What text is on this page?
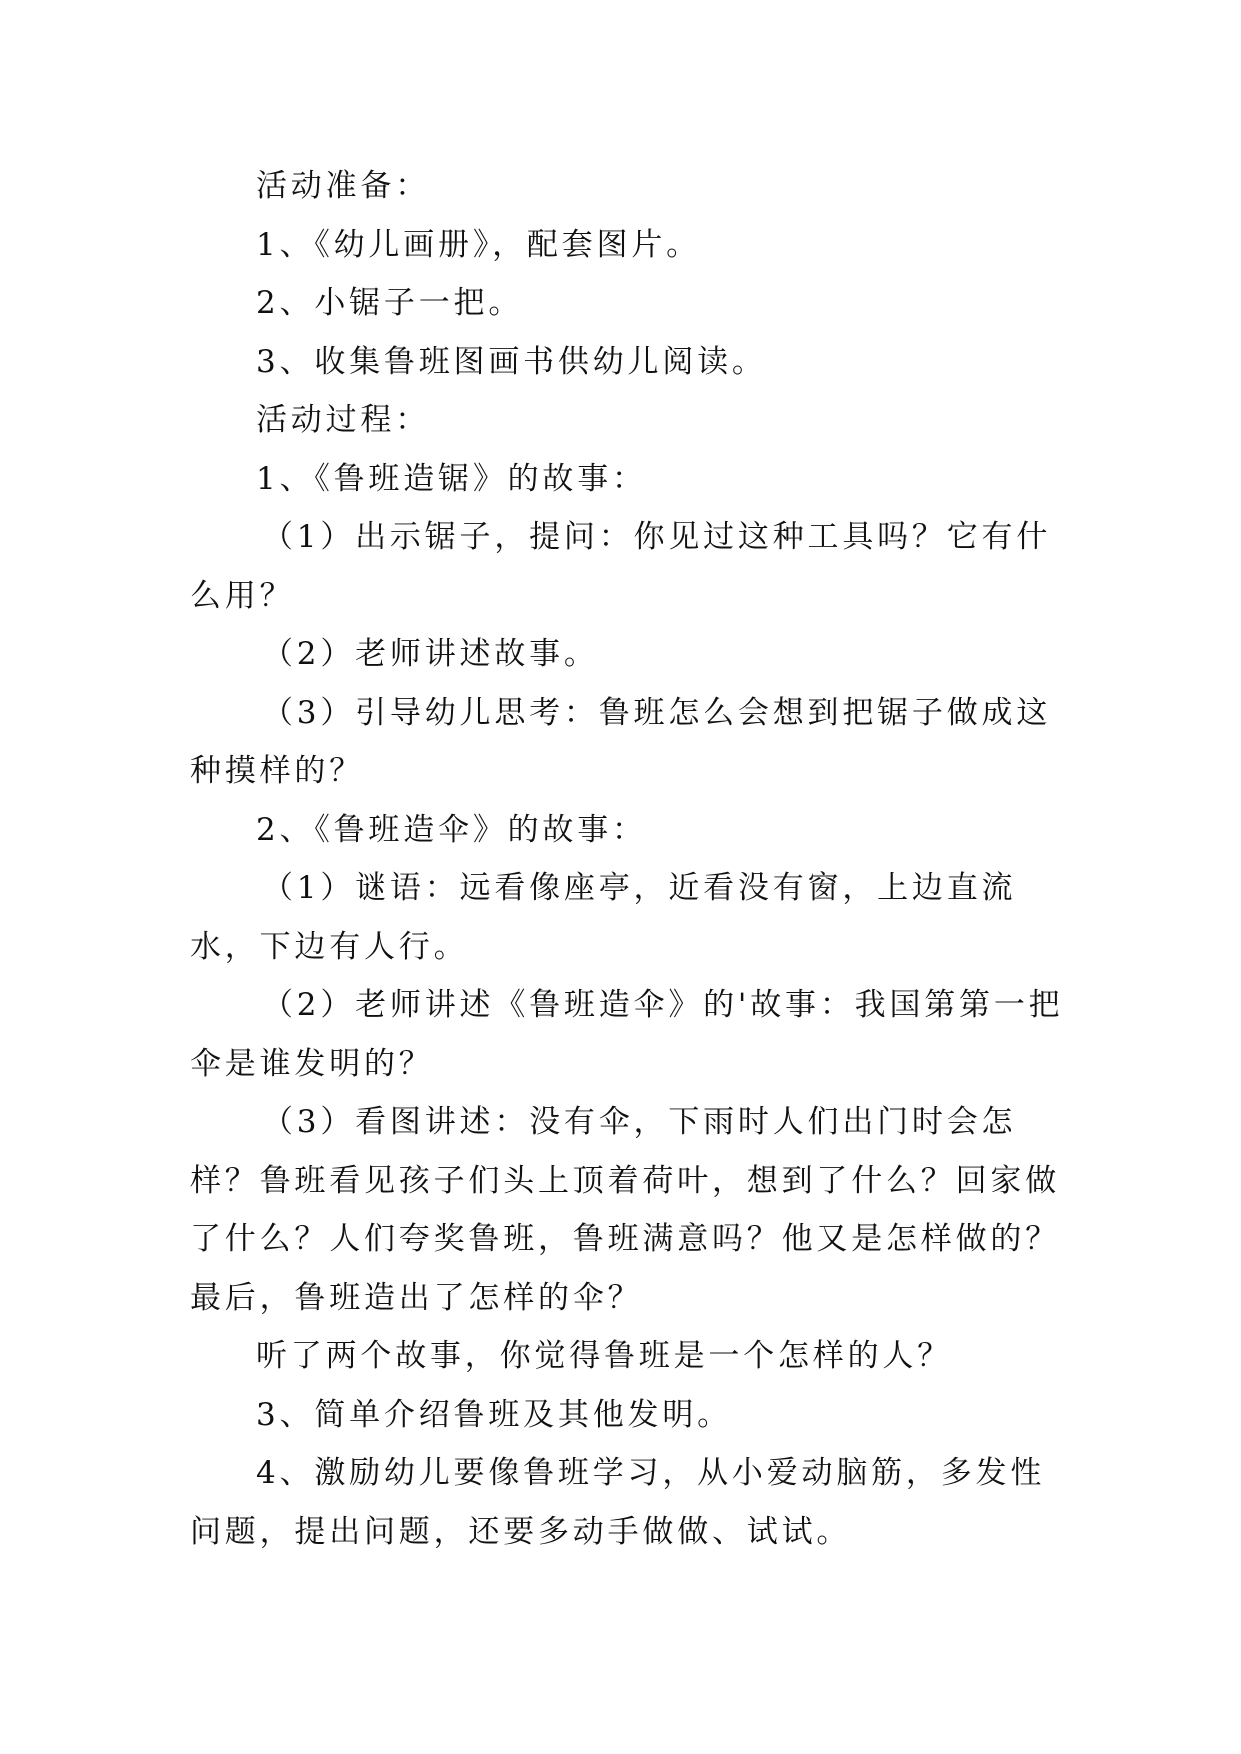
活动准备：

1、《幼儿画册》，配套图片。

2、小锯子一把。

3、收集鲁班图画书供幼儿阅读。

活动过程：

1、《鲁班造锯》的故事：

（1）出示锯子，提问：你见过这种工具吗？它有什么用？

（2）老师讲述故事。

（3）引导幼儿思考：鲁班怎么会想到把锯子做成这种摸样的？

2、《鲁班造伞》的故事：

（1）谜语：远看像座亭，近看没有窗，上边直流水，下边有人行。

（2）老师讲述《鲁班造伞》的'故事：我国第第一把伞是谁发明的？

（3）看图讲述：没有伞，下雨时人们出门时会怎样？鲁班看见孩子们头上顶着荷叶，想到了什么？回家做了什么？人们夸奖鲁班，鲁班满意吗？他又是怎样做的？最后，鲁班造出了怎样的伞？

听了两个故事，你觉得鲁班是一个怎样的人？

3、简单介绍鲁班及其他发明。

4、激励幼儿要像鲁班学习，从小爱动脑筋，多发性问题，提出问题，还要多动手做做、试试。
